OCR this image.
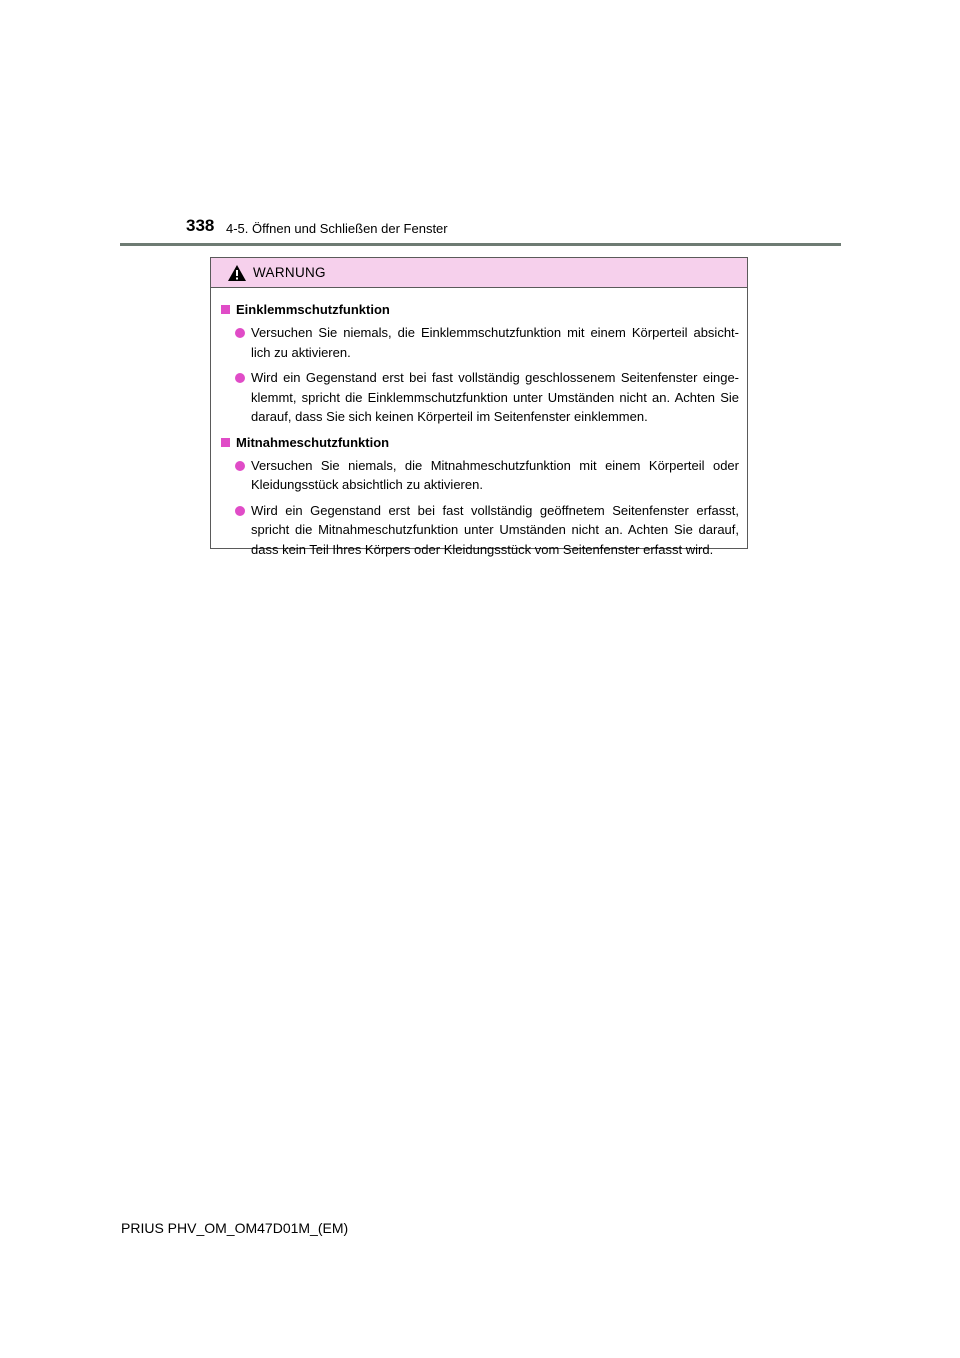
338 4-5. Öffnen und Schließen der Fenster
WARNUNG
Einklemmschutzfunktion
Versuchen Sie niemals, die Einklemmschutzfunktion mit einem Körperteil absicht-lich zu aktivieren.
Wird ein Gegenstand erst bei fast vollständig geschlossenem Seitenfenster einge-klemmt, spricht die Einklemmschutzfunktion unter Umständen nicht an. Achten Sie darauf, dass Sie sich keinen Körperteil im Seitenfenster einklemmen.
Mitnahmeschutzfunktion
Versuchen Sie niemals, die Mitnahmeschutzfunktion mit einem Körperteil oder Kleidungsstück absichtlich zu aktivieren.
Wird ein Gegenstand erst bei fast vollständig geöffnetem Seitenfenster erfasst, spricht die Mitnahmeschutzfunktion unter Umständen nicht an. Achten Sie darauf, dass kein Teil Ihres Körpers oder Kleidungsstück vom Seitenfenster erfasst wird.
PRIUS PHV_OM_OM47D01M_(EM)
